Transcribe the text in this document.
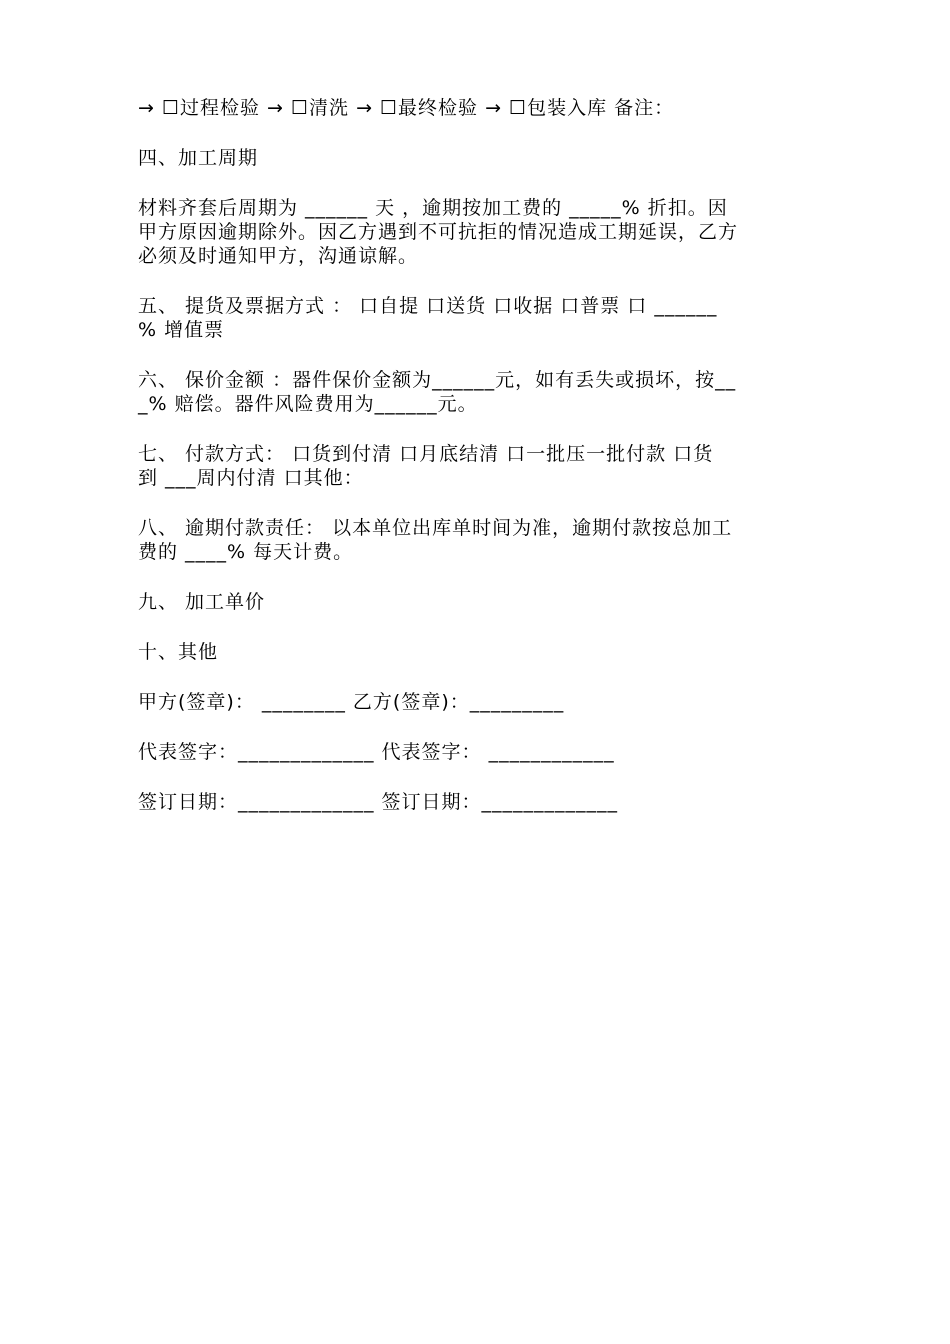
→ ☐过程检验 → ☐清洗 → ☐最终检验 → ☐包装入库 备注：
四、加工周期
材料齐套后周期为 ______ 天 ，逾期按加工费的 _____% 折扣。因
甲方原因逾期除外。因乙方遇到不可抗拒的情况造成工期延误，乙方
必须及时通知甲方，沟通谅解。
五、 提货及票据方式 ： 口自提 口送货 口收据 口普票 口 ______
% 增值票
六、 保价金额 ：器件保价金额为______元，如有丢失或损坏，按__
_% 赔偿。器件风险费用为______元。
七、 付款方式： 口货到付清 口月底结清 口一批压一批付款 口货
到 ___周内付清 口其他：
八、 逾期付款责任： 以本单位出库单时间为准，逾期付款按总加工
费的 ____% 每天计费。
九、 加工单价
十、其他
甲方(签章)： ________ 乙方(签章)：_________
代表签字：_____________ 代表签字： ____________
签订日期：_____________ 签订日期：_____________
